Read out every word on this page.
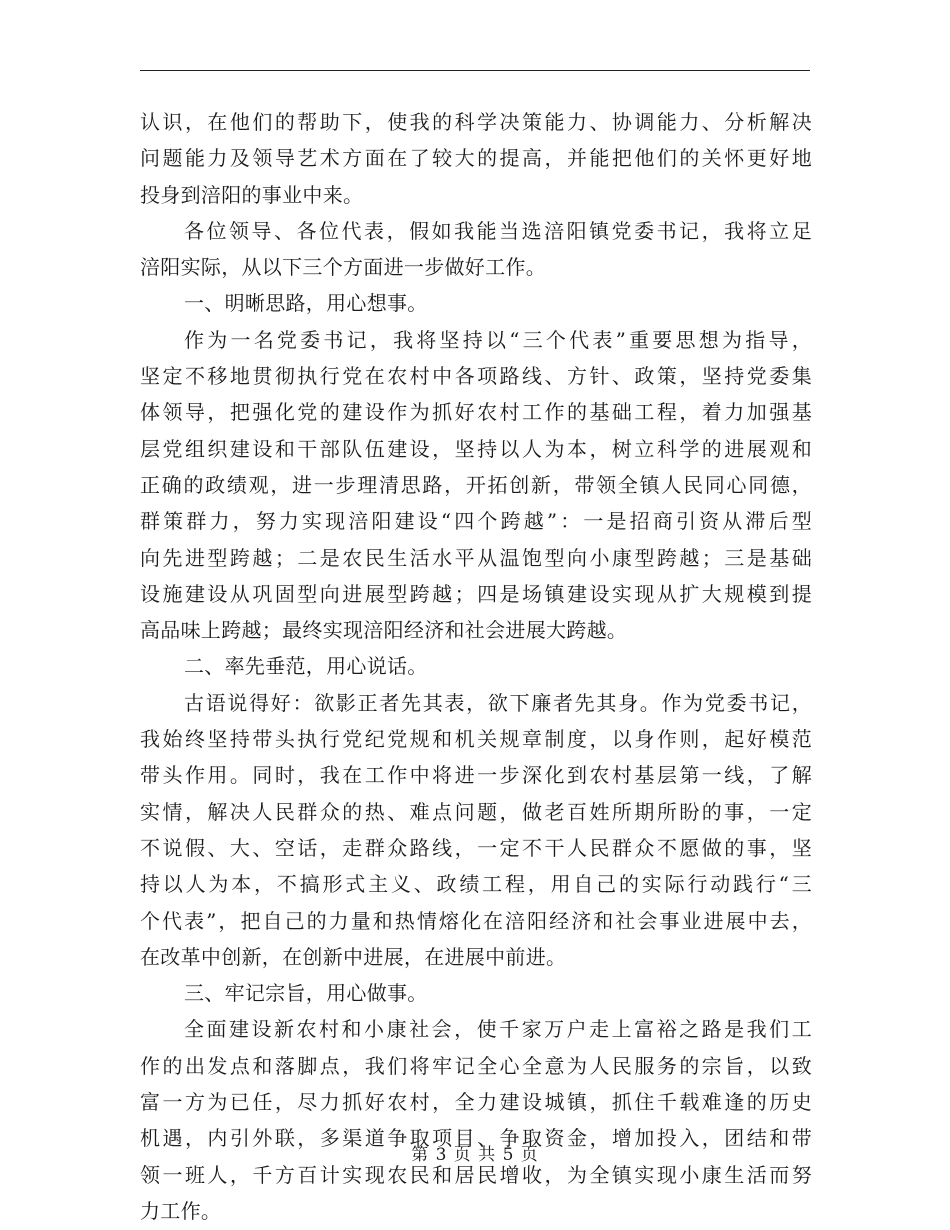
认识，在他们的帮助下，使我的科学决策能力、协调能力、分析解决
问题能力及领导艺术方面在了较大的提高，并能把他们的关怀更好地
投身到涪阳的事业中来。
各位领导、各位代表，假如我能当选涪阳镇党委书记，我将立足
涪阳实际，从以下三个方面进一步做好工作。
一、明晰思路，用心想事。
作为一名党委书记，我将坚持以“三个代表”重要思想为指导，
坚定不移地贯彻执行党在农村中各项路线、方针、政策，坚持党委集
体领导，把强化党的建设作为抓好农村工作的基础工程，着力加强基
层党组织建设和干部队伍建设，坚持以人为本，树立科学的进展观和
正确的政绩观，进一步理清思路，开拓创新，带领全镇人民同心同德，
群策群力，努力实现涪阳建设“四个跨越”：一是招商引资从滞后型
向先进型跨越；二是农民生活水平从温饱型向小康型跨越；三是基础
设施建设从巩固型向进展型跨越；四是场镇建设实现从扩大规模到提
高品味上跨越；最终实现涪阳经济和社会进展大跨越。
二、率先垂范，用心说话。
古语说得好：欲影正者先其表，欲下廉者先其身。作为党委书记，
我始终坚持带头执行党纪党规和机关规章制度，以身作则，起好模范
带头作用。同时，我在工作中将进一步深化到农村基层第一线，了解
实情，解决人民群众的热、难点问题，做老百姓所期所盼的事，一定
不说假、大、空话，走群众路线，一定不干人民群众不愿做的事，坚
持以人为本，不搞形式主义、政绩工程，用自己的实际行动践行“三
个代表”，把自己的力量和热情熔化在涪阳经济和社会事业进展中去，
在改革中创新，在创新中进展，在进展中前进。
三、牢记宗旨，用心做事。
全面建设新农村和小康社会，使千家万户走上富裕之路是我们工
作的出发点和落脚点，我们将牢记全心全意为人民服务的宗旨，以致
富一方为已任，尽力抓好农村，全力建设城镇，抓住千载难逢的历史
机遇，内引外联，多渠道争取项目、争取资金，增加投入，团结和带
领一班人，千方百计实现农民和居民增收，为全镇实现小康生活而努
力工作。
第 3 页 共 5 页
